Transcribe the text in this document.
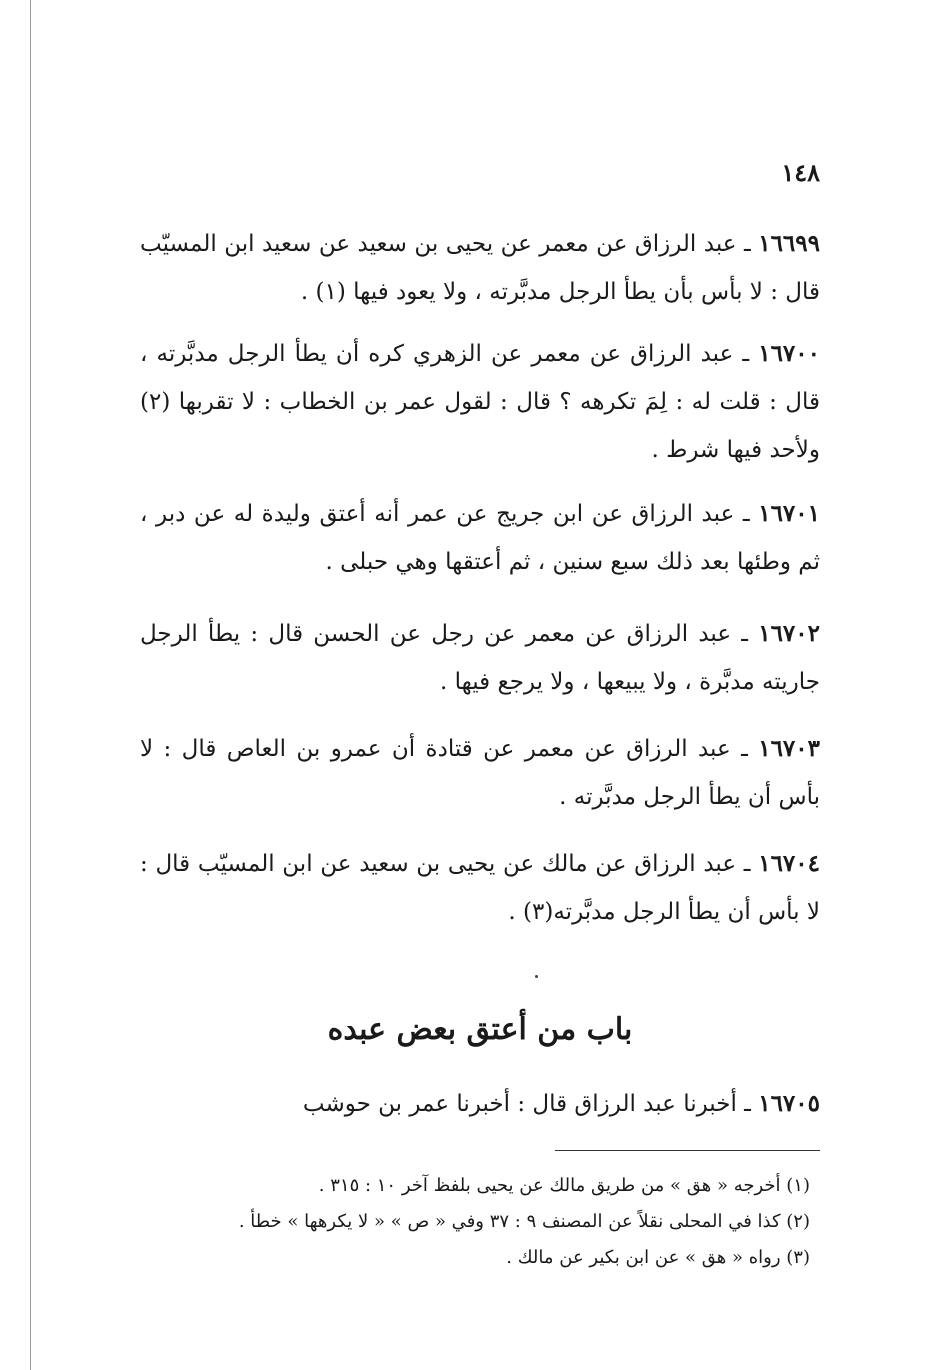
١٤٨

١٦٦٩٩ ـ عبد الرزاق عن معمر عن يحيى بن سعيد عن سعيد ابن المسيّب قال : لا بأس بأن يطأ الرجل مدبَّرته ، ولا يعود فيها (١) .

١٦٧٠٠ ـ عبد الرزاق عن معمر عن الزهري كره أن يطأ الرجل مدبَّرته ، قال : قلت له : لِمَ تكرهه ؟ قال : لقول عمر بن الخطاب : لا تقربها (٢) ولأحد فيها شرط .

١٦٧٠١ ـ عبد الرزاق عن ابن جريج عن عمر أنه أعتق وليدة له عن دبر ، ثم وطئها بعد ذلك سبع سنين ، ثم أعتقها وهي حبلى .

١٦٧٠٢ ـ عبد الرزاق عن معمر عن رجل عن الحسن قال : يطأ الرجل جاريته مدبَّرة ، ولا يبيعها ، ولا يرجع فيها .

١٦٧٠٣ ـ عبد الرزاق عن معمر عن قتادة أن عمرو بن العاص قال : لا بأس أن يطأ الرجل مدبَّرته .

١٦٧٠٤ ـ عبد الرزاق عن مالك عن يحيى بن سعيد عن ابن المسيّب قال : لا بأس أن يطأ الرجل مدبَّرته(٣) .

باب من أعتق بعض عبده

١٦٧٠٥ ـ أخبرنا عبد الرزاق قال : أخبرنا عمر بن حوشب

(١) أخرجه « هق » من طريق مالك عن يحيى بلفظ آخر ١٠ : ٣١٥ .

(٢) كذا في المحلى نقلاً عن المصنف ٩ : ٣٧ وفي « ص » « لا يكرهها » خطأ .

(٣) رواه « هق » عن ابن بكير عن مالك .
